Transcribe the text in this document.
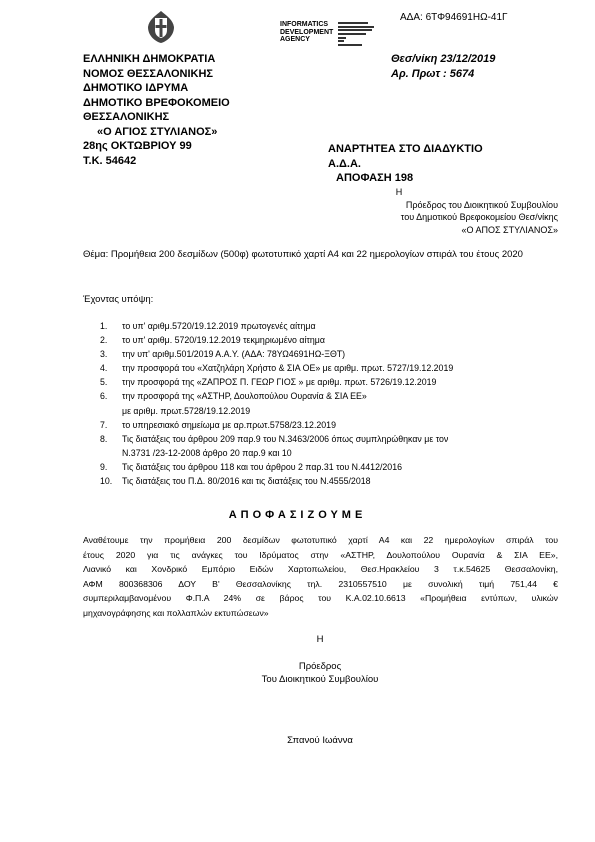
ΑΔΑ: 6ΤΦ94691ΗΩ-41Γ
INFORMATICS
DEVELOPMENT
AGENCY
ΕΛΛΗΝΙΚΗ ΔΗΜΟΚΡΑΤΙΑ
ΝΟΜΟΣ ΘΕΣΣΑΛΟΝΙΚΗΣ
ΔΗΜΟΤΙΚΟ ΙΔΡΥΜΑ
ΔΗΜΟΤΙΚΟ ΒΡΕΦΟΚΟΜΕΙΟ
ΘΕΣΣΑΛΟΝΙΚΗΣ
«Ο ΑΓΙΟΣ ΣΤΥΛΙΑΝΟΣ»
28ης ΟΚΤΩΒΡΙΟΥ 99
Τ.Κ. 54642
Θεσ/νίκη 23/12/2019
Αρ. Πρωτ : 5674
ΑΝΑΡΤΗΤΕΑ ΣΤΟ ΔΙΑΔΥΚΤΙΟ
Α.Δ.Α.
ΑΠΟΦΑΣΗ 198
Η
Πρόεδρος του Διοικητικού Συμβουλίου
του Δημοτικού Βρεφοκομείου Θεσ/νίκης
«Ο ΑΠΟΣ ΣΤΥΛΙΑΝΟΣ»
Θέμα: Προμήθεια 200 δεσμίδων (500φ) φωτοτυπικό χαρτί Α4 και 22 ημερολογίων σπιράλ του έτους 2020
Έχοντας υπόψη:
1.	το υπ' αριθμ.5720/19.12.2019 πρωτογενές αίτημα
2.	το υπ' αριθμ. 5720/19.12.2019 τεκμηριωμένο αίτημα
3.	την υπ' αριθμ.501/2019 Α.Α.Υ. (ΑΔΑ: 78ΥΩ4691ΗΩ-ΞΘΤ)
4.	την προσφορά του «Χατζηλάρη Χρήστο & ΣΙΑ ΟΕ» με αριθμ. πρωτ. 5727/19.12.2019
5.	την προσφορά της «ΖΑΠΡΟΣ Π. ΓΕΩΡ ΓΙΟΣ » με αριθμ. πρωτ. 5726/19.12.2019
6.	την προσφορά της «ΑΣΤΗΡ, Δουλοπούλου Ουρανία & ΣΙΑ ΕΕ»
με αριθμ. πρωτ.5728/19.12.2019
7.	το υπηρεσιακό σημείωμα με αρ.πρωτ.5758/23.12.2019
8.	Τις διατάξεις του άρθρου 209 παρ.9 του Ν.3463/2006 όπως συμπληρώθηκαν με τον
Ν.3731 /23-12-2008 άρθρο 20 παρ.9 και 10
9.	Τις διατάξεις του άρθρου 118 και του άρθρου 2 παρ.31 του Ν.4412/2016
10.	Τις διατάξεις του Π.Δ. 80/2016 και τις διατάξεις του Ν.4555/2018
ΑΠΟΦΑΣΙΖΟΥΜΕ
Αναθέτουμε την προμήθεια 200 δεσμίδων φωτοτυπικό χαρτί Α4 και 22 ημερολογίων σπιράλ του
έτους 2020 για τις ανάγκες του Ιδρύματος στην «ΑΣΤΗΡ, Δουλοπούλου Ουρανία & ΣΙΑ ΕΕ»,
Λιανικό και Χονδρικό Εμπόριο Ειδών Χαρτοπωλείου, Θεσ.Ηρακλείου 3 τ.κ.54625 Θεσσαλονίκη,
ΑΦΜ 800368306 ΔΟΥ Β' Θεσσαλονίκης τηλ. 2310557510 με συνολική τιμή 751,44 €
συμπεριλαμβανομένου Φ.Π.Α 24% σε βάρος του Κ.Α.02.10.6613 «Προμήθεια εντύπων, υλικών
μηχανογράφησης και πολλαπλών εκτυπώσεων»
Η
Πρόεδρος
Του Διοικητικού Συμβουλίου
Σπανού Ιωάννα
